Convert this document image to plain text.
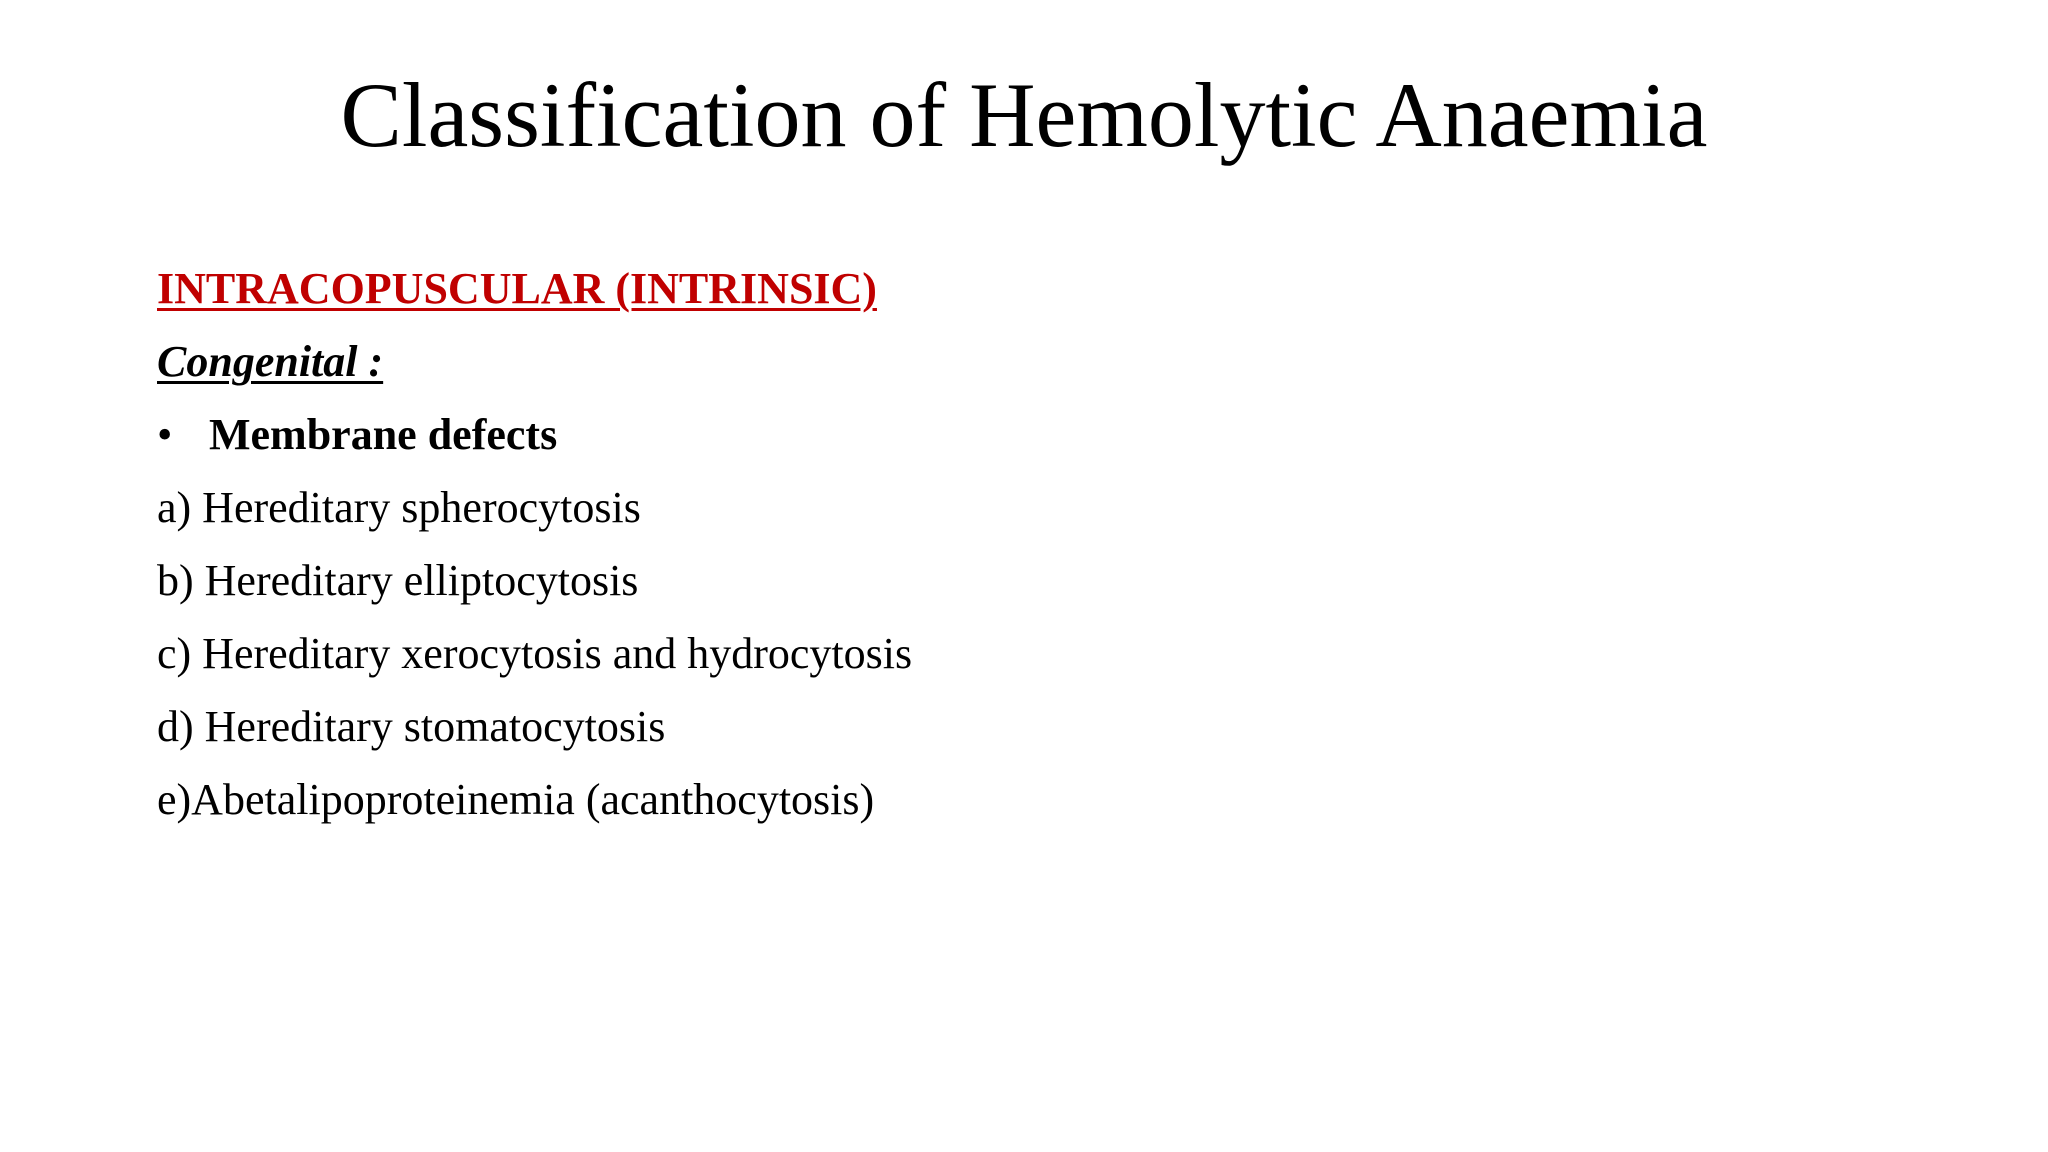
Classification of Hemolytic Anaemia
INTRACOPUSCULAR (INTRINSIC)
Congenital :
• Membrane defects
a) Hereditary spherocytosis
b) Hereditary elliptocytosis
c) Hereditary xerocytosis and hydrocytosis
d) Hereditary stomatocytosis
e)Abetalipoproteinemia (acanthocytosis)
